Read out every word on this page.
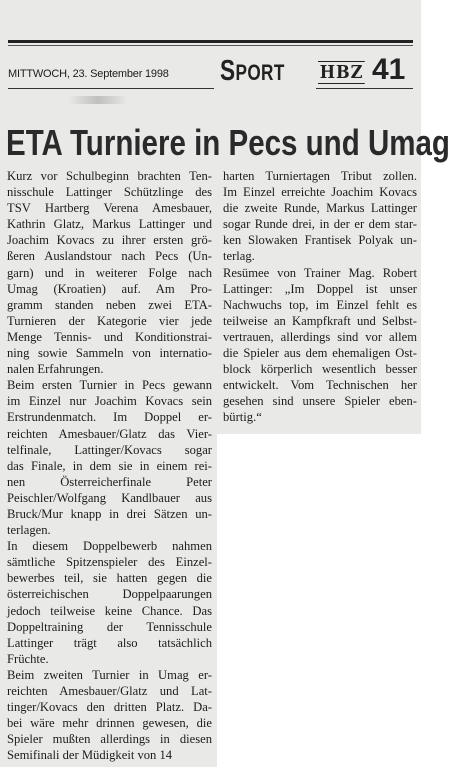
MITTWOCH, 23. September 1998 SPORT HBZ 41
ETA Turniere in Pecs und Umag

Kurz vor Schulbeginn brachten Ten-
nisschule Lattinger Schützlinge des
TSV Hartberg Verena Amesbauer,
Kathrin Glatz, Markus Lattinger und
Joachim Kovacs zu ihrer ersten grö-
ßeren Auslandstour nach Pecs (Un-
garn) und in weiterer Folge nach
Umag (Kroatien) auf. Am Pro-
gramm standen neben zwei ETA-
Turnieren der Kategorie vier jede
Menge Tennis- und Konditionstrai-
ning sowie Sammeln von internatio-
nalen Erfahrungen.

Beim ersten Turnier in Pecs gewann
im Einzel nur Joachim Kovacs sein
Erstrundenmatch. Im Doppel er-
reichten Amesbauer/Glatz das Vier-
telfinale, Lattinger/Kovacs sogar
das Finale, in dem sie in einem rei-
nen Österreicherfinale Peter
Peischler/Wolfgang Kandlbauer aus
Bruck/Mur knapp in drei Sätzen un-
terlagen.

In diesem Doppelbewerb nahmen
sämtliche Spitzenspieler des Einzel-
bewerbes teil, sie hatten gegen die
österreichischen Doppelpaarungen
jedoch teilweise keine Chance. Das
Doppeltraining der Tennisschule
Lattinger trägt also tatsächlich
Früchte.

Beim zweiten Turnier in Umag er-
reichten Amesbauer/Glatz und Lat-
tinger/Kovacs den dritten Platz. Da-
bei wäre mehr drinnen gewesen, die
Spieler mußten allerdings in diesen
Semifinali der Müdigkeit von 14

harten Turniertagen Tribut zollen.
Im Einzel erreichte Joachim Kovacs
die zweite Runde, Markus Lattinger
sogar Runde drei, in der er dem star-
ken Slowaken Frantisek Polyak un-
terlag.

Resümee von Trainer Mag. Robert
Lattinger: „Im Doppel ist unser
Nachwuchs top, im Einzel fehlt es
teilweise an Kampfkraft und Selbst-
vertrauen, allerdings sind vor allem
die Spieler aus dem ehemaligen Ost-
block körperlich wesentlich besser
entwickelt. Vom Technischen her
gesehen sind unsere Spieler eben-
bürtig.“
